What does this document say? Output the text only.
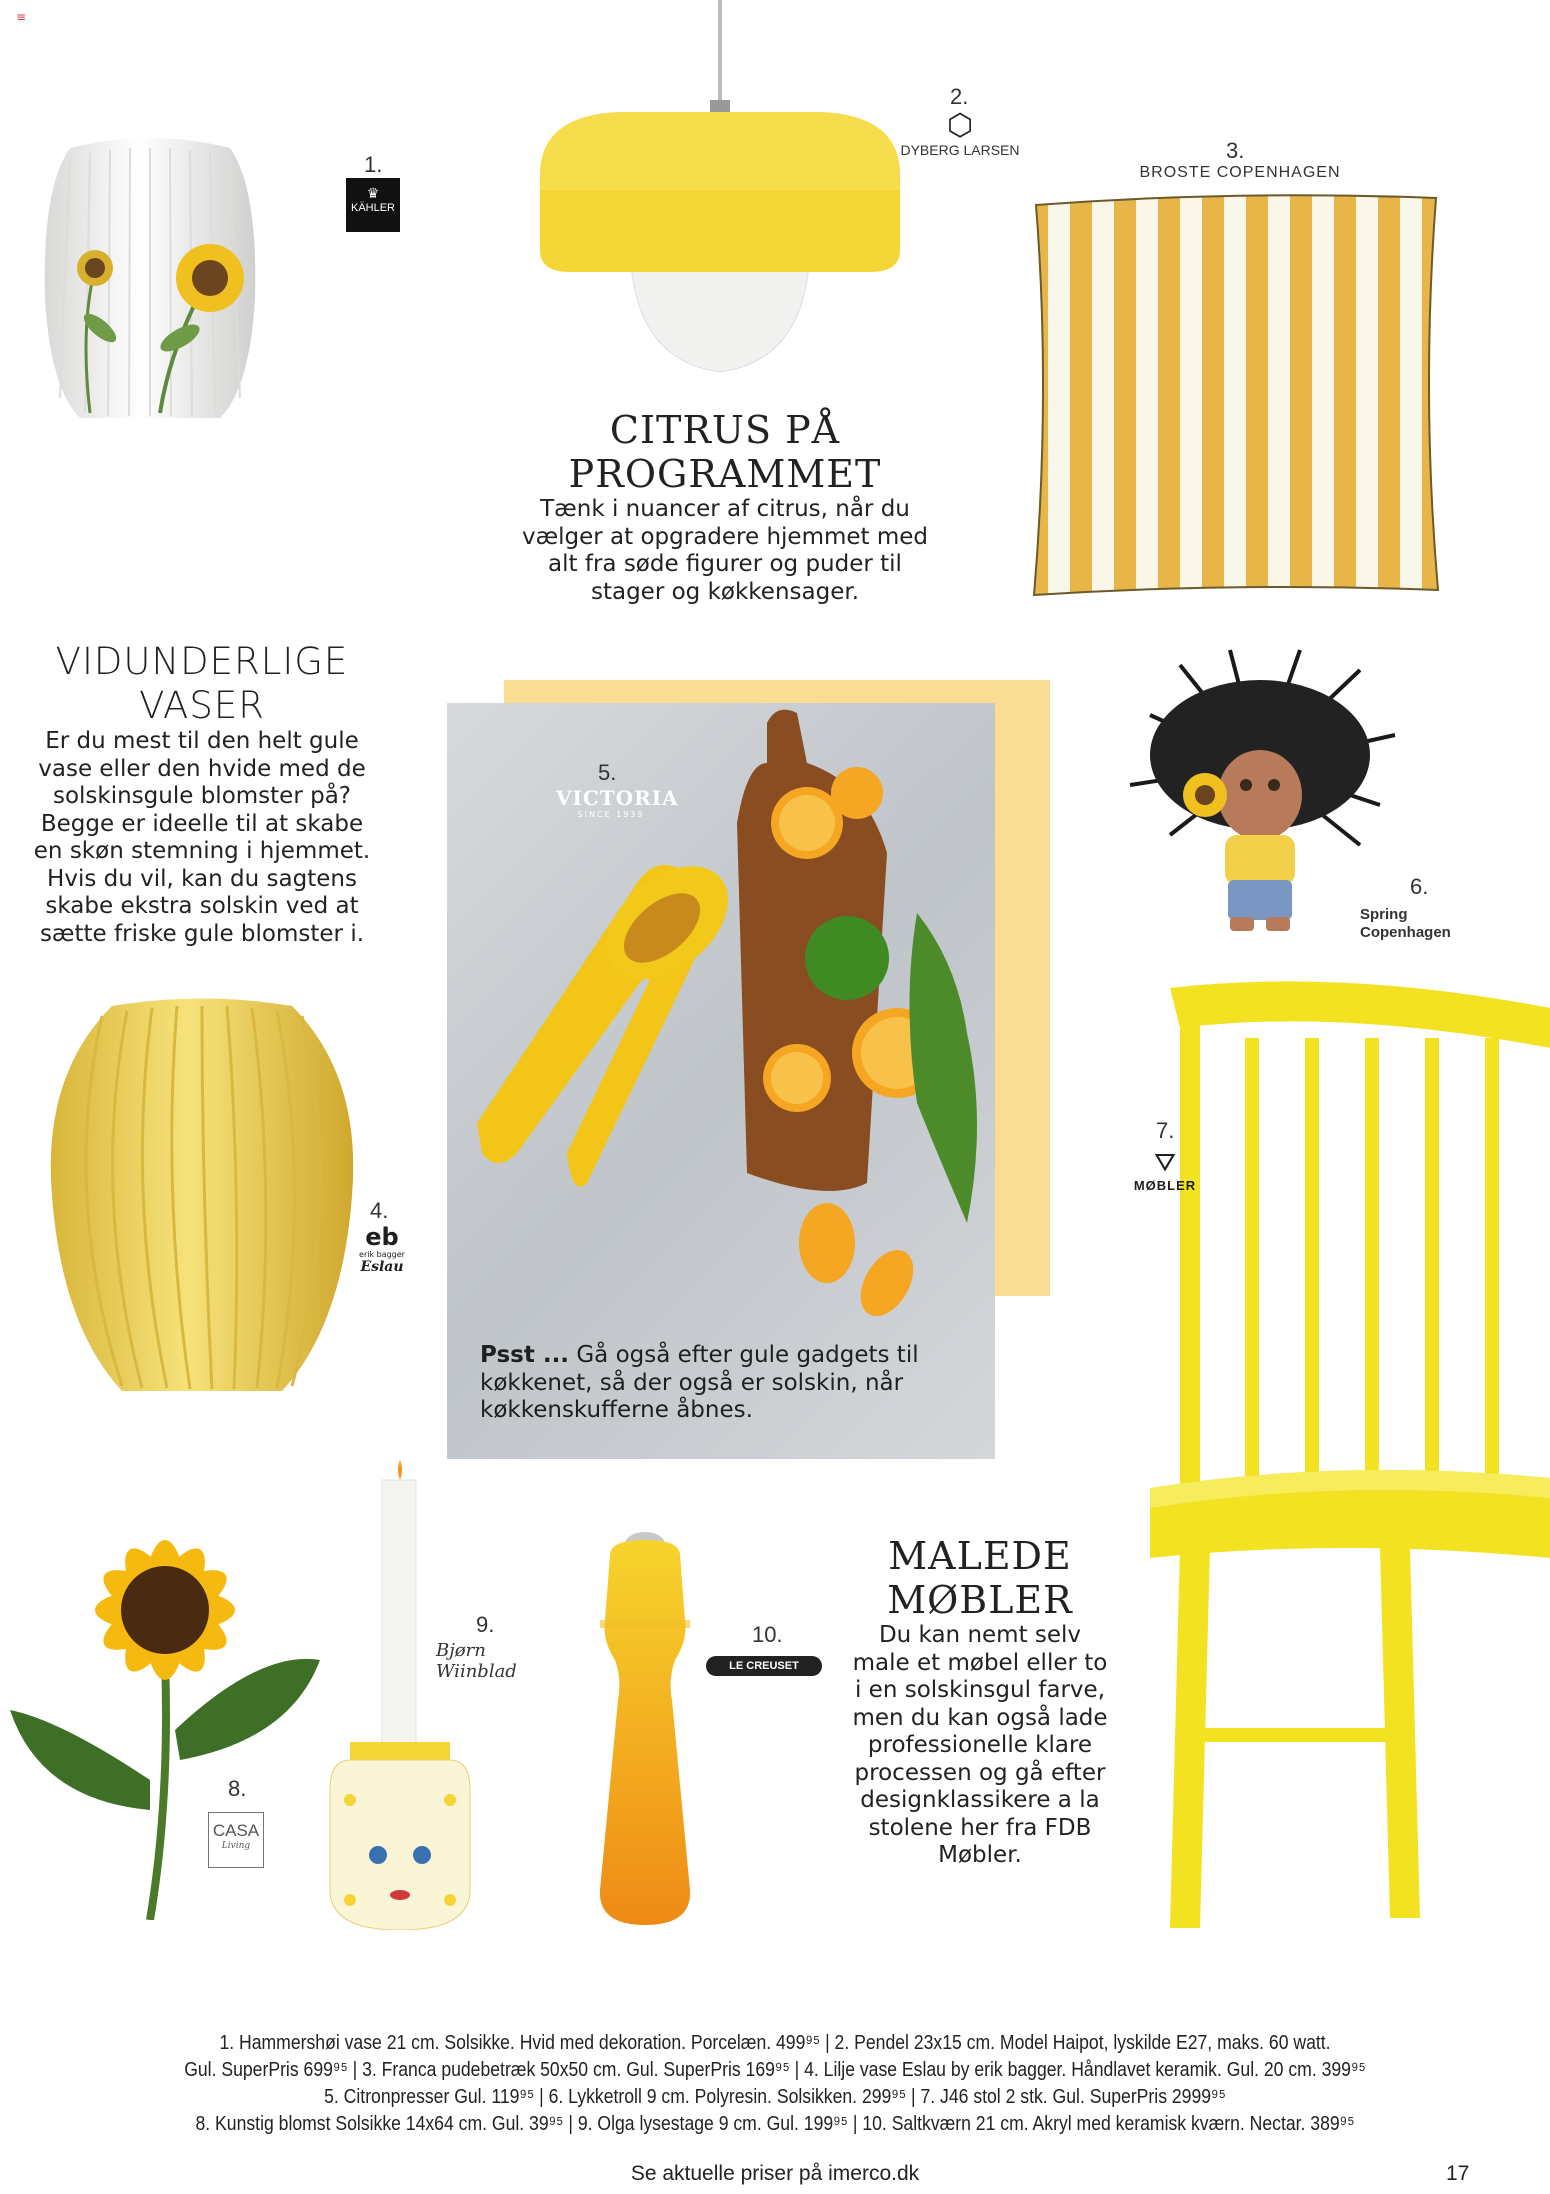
≡
♛
KÄHLER
⬡
DYBERG LARSEN
BROSTE COPENHAGEN
VICTORIA
SINCE 1939
Psst ... Gå også efter gule gadgets til køkkenet, så der også er solskin, når køkkenskufferne åbnes.
Spring Copenhagen
eb
erik bagger
Eslau
⛛
MØBLER
CASA
Living
Bjørn Wiinblad	LE CREUSET
1.
2.
3.
4.
5.
6.
7.
8.
9.	10.
CITRUS PÅ
PROGRAMMET
Tænk i nuancer af citrus, når du vælger at opgradere hjemmet med alt fra søde figurer og puder til stager og køkkensager.
VIDUNDERLIGE
VASER
Er du mest til den helt gule vase eller den hvide med de solskinsgule blomster på? Begge er ideelle til at skabe en skøn stemning i hjemmet. Hvis du vil, kan du sagtens skabe ekstra solskin ved at sætte friske gule blomster i.
MALEDE
MØBLER
Du kan nemt selv male et møbel eller to i en solskinsgul farve, men du kan også lade professionelle klare processen og gå efter designklassikere a la stolene her fra FDB Møbler.
1. Hammershøi vase 21 cm. Solsikke. Hvid med dekoration. Porcelæn. 499⁹⁵ | 2. Pendel 23x15 cm. Model Haipot, lyskilde E27, maks. 60 watt.
Gul. SuperPris 699⁹⁵ | 3. Franca pudebetræk 50x50 cm. Gul. SuperPris 169⁹⁵ | 4. Lilje vase Eslau by erik bagger. Håndlavet keramik. Gul. 20 cm. 399⁹⁵
5. Citronpresser Gul. 119⁹⁵ | 6. Lykketroll 9 cm. Polyresin. Solsikken. 299⁹⁵ | 7. J46 stol 2 stk. Gul. SuperPris 2999⁹⁵
8. Kunstig blomst Solsikke 14x64 cm. Gul. 39⁹⁵ | 9. Olga lysestage 9 cm. Gul. 199⁹⁵ | 10. Saltkværn 21 cm. Akryl med keramisk kværn. Nectar. 389⁹⁵
Se aktuelle priser på imerco.dk	17
